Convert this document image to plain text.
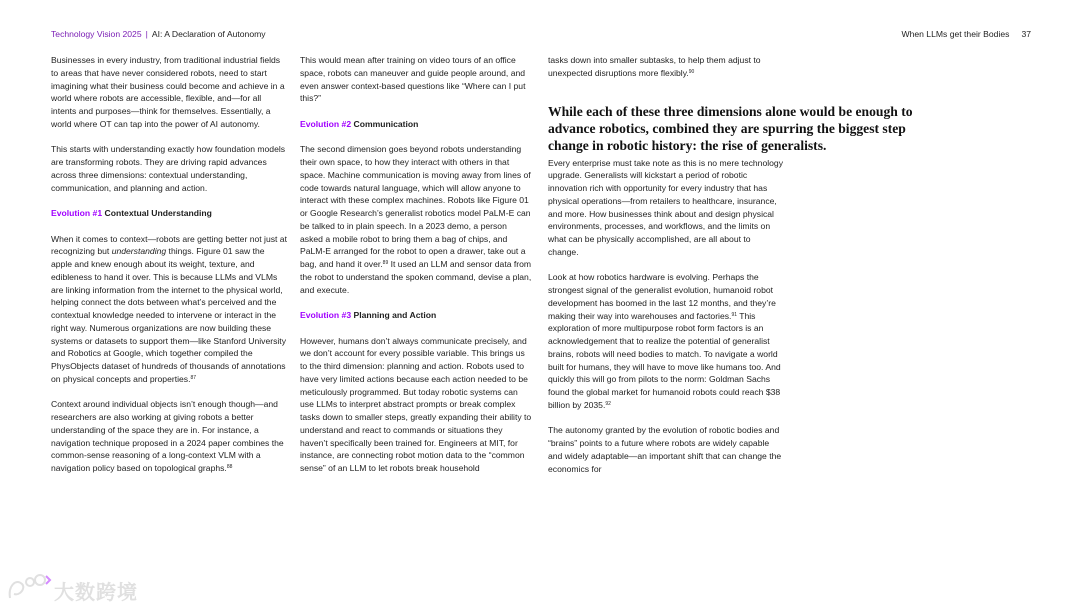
Technology Vision 2025 | AI: A Declaration of Autonomy	When LLMs get their Bodies 37

Businesses in every industry, from traditional industrial fields to areas that have never considered robots, need to start imagining what their business could become and achieve in a world where robots are accessible, flexible, and—for all intents and purposes—think for themselves. Essentially, a world where OT can tap into the power of AI autonomy.

This starts with understanding exactly how foundation models are transforming robots. They are driving rapid advances across three dimensions: contextual understanding, communication, and planning and action.

Evolution #1 Contextual Understanding

When it comes to context—robots are getting better not just at recognizing but understanding things. Figure 01 saw the apple and knew enough about its weight, texture, and edibleness to hand it over. This is because LLMs and VLMs are linking information from the internet to the physical world, helping connect the dots between what’s perceived and the contextual knowledge needed to intervene or interact in the right way. Numerous organizations are now building these systems or datasets to support them—like Stanford University and Robotics at Google, which together compiled the PhysObjects dataset of hundreds of thousands of annotations on physical concepts and properties.$^{87}$

Context around individual objects isn’t enough though—and researchers are also working at giving robots a better understanding of the space they are in. For instance, a navigation technique proposed in a 2024 paper combines the common-sense reasoning of a long-context VLM with a navigation policy based on topological graphs.$^{88}$

This would mean after training on video tours of an office space, robots can maneuver and guide people around, and even answer context-based questions like “Where can I put this?”

Evolution #2 Communication

The second dimension goes beyond robots understanding their own space, to how they interact with others in that space. Machine communication is moving away from lines of code towards natural language, which will allow anyone to interact with these complex machines. Robots like Figure 01 or Google Research’s generalist robotics model PaLM-E can be talked to in plain speech. In a 2023 demo, a person asked a mobile robot to bring them a bag of chips, and PaLM-E arranged for the robot to open a drawer, take out a bag, and hand it over.$^{89}$ It used an LLM and sensor data from the robot to understand the spoken command, devise a plan, and execute.

Evolution #3 Planning and Action

However, humans don’t always communicate precisely, and we don’t account for every possible variable. This brings us to the third dimension: planning and action. Robots used to have very limited actions because each action needed to be meticulously programmed. But today robotic systems can use LLMs to interpret abstract prompts or break complex tasks down to smaller steps, greatly expanding their ability to understand and react to commands or situations they haven’t specifically been trained for. Engineers at MIT, for instance, are connecting robot motion data to the “common sense” of an LLM to let robots break household

While each of these three dimensions alone would be enough to advance robotics, combined they are spurring the biggest step change in robotic history: the rise of generalists.

tasks down into smaller subtasks, to help them adjust to unexpected disruptions more flexibly.$^{90}$

Every enterprise must take note as this is no mere technology upgrade. Generalists will kickstart a period of robotic innovation rich with opportunity for every industry that has physical operations—from retailers to healthcare, insurance, and more. How businesses think about and design physical environments, processes, and workflows, and the limits on what can be physically accomplished, are all about to change.

Look at how robotics hardware is evolving. Perhaps the strongest signal of the generalist evolution, humanoid robot development has boomed in the last 12 months, and they’re making their way into warehouses and factories.$^{91}$ This exploration of more multipurpose robot form factors is an acknowledgement that to realize the potential of generalist brains, robots will need bodies to match. To navigate a world built for humans, they will have to move like humans too. And quickly this will go from pilots to the norm: Goldman Sachs found the global market for humanoid robots could reach $38 billion by 2035.92

The autonomy granted by the evolution of robotic bodies and “brains” points to a future where robots are widely capable and widely adaptable—an important shift that can change the economics for

大数跨境
